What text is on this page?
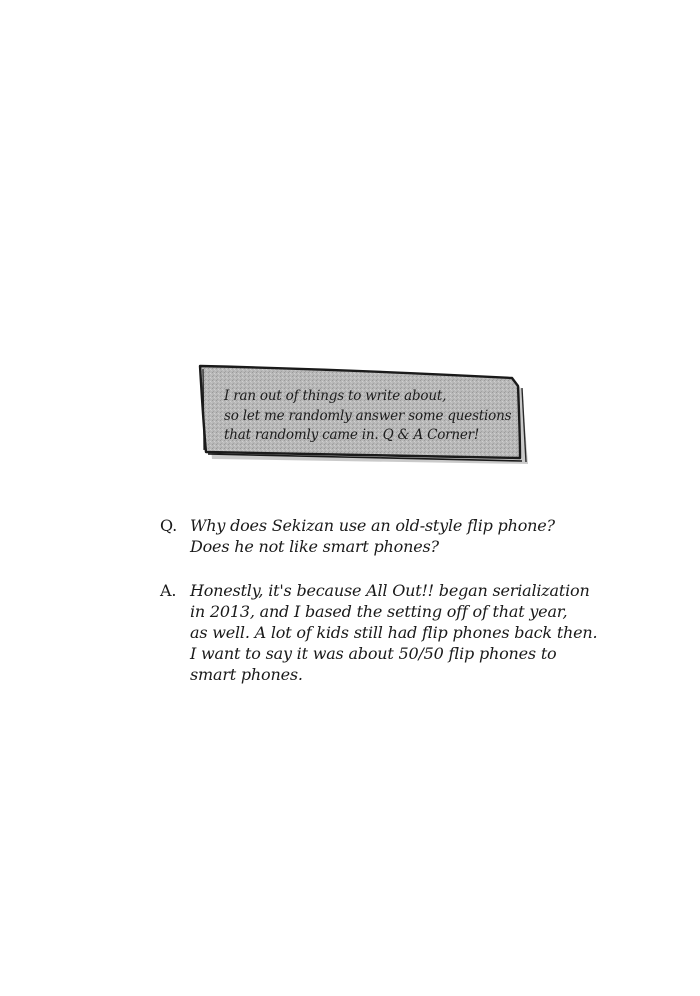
I ran out of things to write about,
so let me randomly answer some questions
that randomly came in. Q & A Corner!
Q. Why does Sekizan use an old-style flip phone?
Does he not like smart phones?
A. Honestly, it's because All Out!! began serialization
in 2013, and I based the setting off of that year,
as well. A lot of kids still had flip phones back then.
I want to say it was about 50/50 flip phones to
smart phones.
